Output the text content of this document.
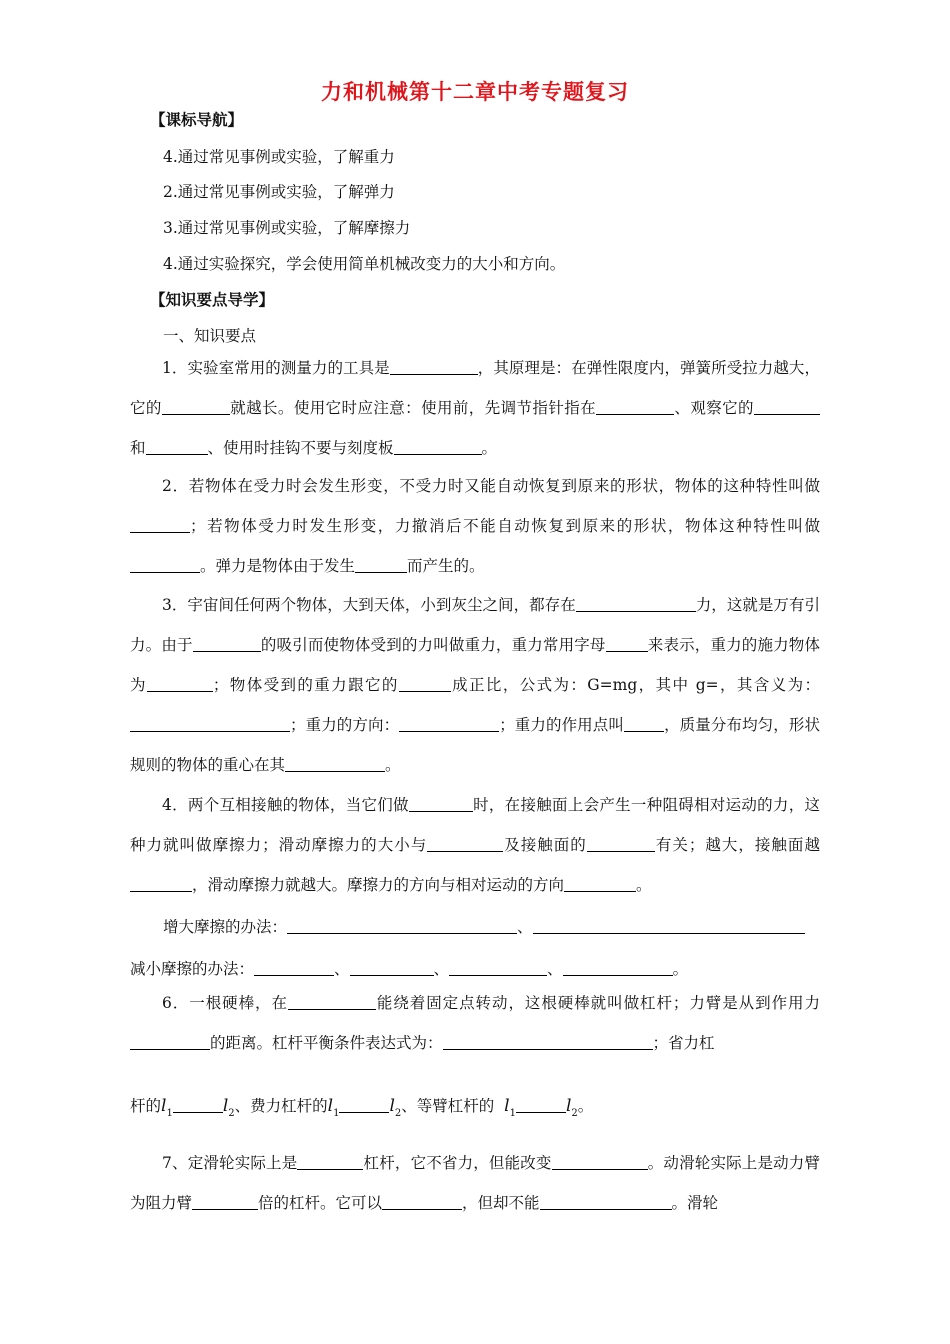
力和机械第十二章中考专题复习
【课标导航】
4.通过常见事例或实验，了解重力
2.通过常见事例或实验，了解弹力
3.通过常见事例或实验，了解摩擦力
4.通过实验探究，学会使用简单机械改变力的大小和方向。
【知识要点导学】
一、知识要点
1．实验室常用的测量力的工具是	，其原理是：在弹性限度内，弹簧所受拉力越大，它的	就越长。使用它时应注意：使用前，先调节指针指在	、观察它的和	、使用时挂钩不要与刻度板	。
2．若物体在受力时会发生形变，不受力时又能自动恢复到原来的形状，物体的这种特性叫做；若物体受力时发生形变，力撤消后不能自动恢复到原来的形状，物体这种特性叫做。弹力是物体由于发生	而产生的。
3．宇宙间任何两个物体，大到天体，小到灰尘之间，都存在	力，这就是万有引力。由于	的吸引而使物体受到的力叫做重力，重力常用字母	来表示，重力的施力物体为	；物体受到的重力跟它的	成正比，公式为：G=mg，其中 g=，其含义为：；重力的方向：	；重力的作用点叫	，质量分布均匀，形状规则的物体的重心在其	。
4．两个互相接触的物体，当它们做	时，在接触面上会产生一种阻碍相对运动的力，这种力就叫做摩擦力；滑动摩擦力的大小与	及接触面的	有关；越大，接触面越，滑动摩擦力就越大。摩擦力的方向与相对运动的方向	。
增大摩擦的办法：	、
减小摩擦的办法：	、	、	、	。
6．一根硬棒，在	能绕着固定点转动，这根硬棒就叫做杠杆；力臂是从到作用力的距离。杠杆平衡条件表达式为：	；省力杠
杆的$l_1$	$l_2$、费力杠杆的$l_1$	$l_2$、等臂杠杆的 $l_1$	$l_2$。
7、定滑轮实际上是	杠杆，它不省力，但能改变	。动滑轮实际上是动力臂为阻力臂	倍的杠杆。它可以	，但却不能	。滑轮
